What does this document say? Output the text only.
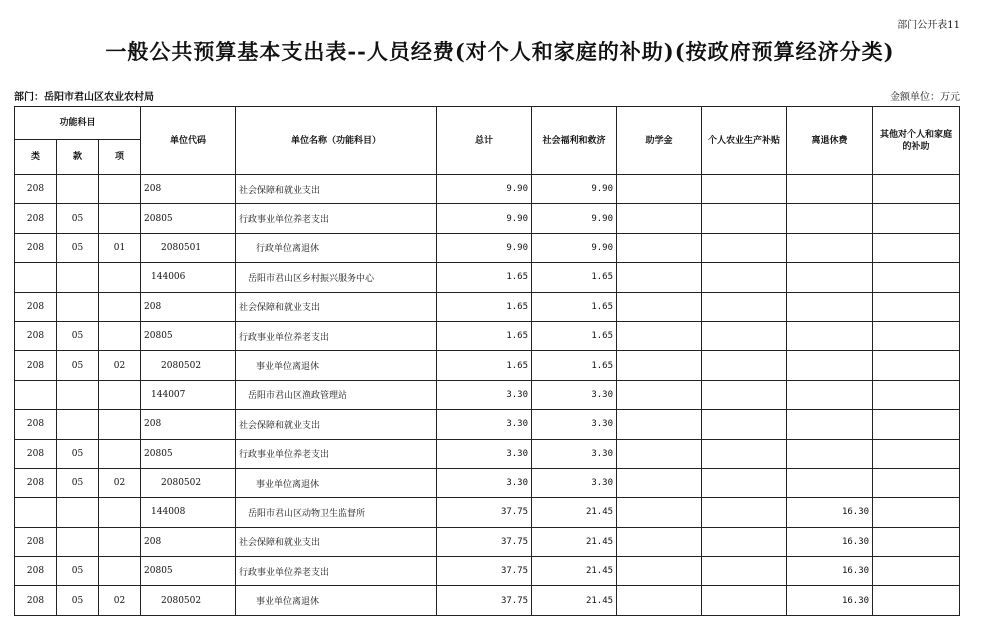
部门公开表11
一般公共预算基本支出表--人员经费(对个人和家庭的补助)(按政府预算经济分类)
部门：岳阳市君山区农业农村局	金额单位：万元
功能科目			单位代码	单位名称（功能科目）	总计	社会福利和救济	助学金	个人农业生产补贴	离退休费	其他对个人和家庭的补助
类	款	项								
208			208	社会保障和就业支出	9.90	9.90				
208	05		20805	行政事业单位养老支出	9.90	9.90				
208	05	01	2080501	行政单位离退休	9.90	9.90				
			144006	岳阳市君山区乡村振兴服务中心	1.65	1.65				
208			208	社会保障和就业支出	1.65	1.65				
208	05		20805	行政事业单位养老支出	1.65	1.65				
208	05	02	2080502	事业单位离退休	1.65	1.65				
			144007	岳阳市君山区渔政管理站	3.30	3.30				
208			208	社会保障和就业支出	3.30	3.30				
208	05		20805	行政事业单位养老支出	3.30	3.30				
208	05	02	2080502	事业单位离退休	3.30	3.30				
			144008	岳阳市君山区动物卫生监督所	37.75	21.45			16.30	
208			208	社会保障和就业支出	37.75	21.45			16.30	
208	05		20805	行政事业单位养老支出	37.75	21.45			16.30	
208	05	02	2080502	事业单位离退休	37.75	21.45			16.30	
